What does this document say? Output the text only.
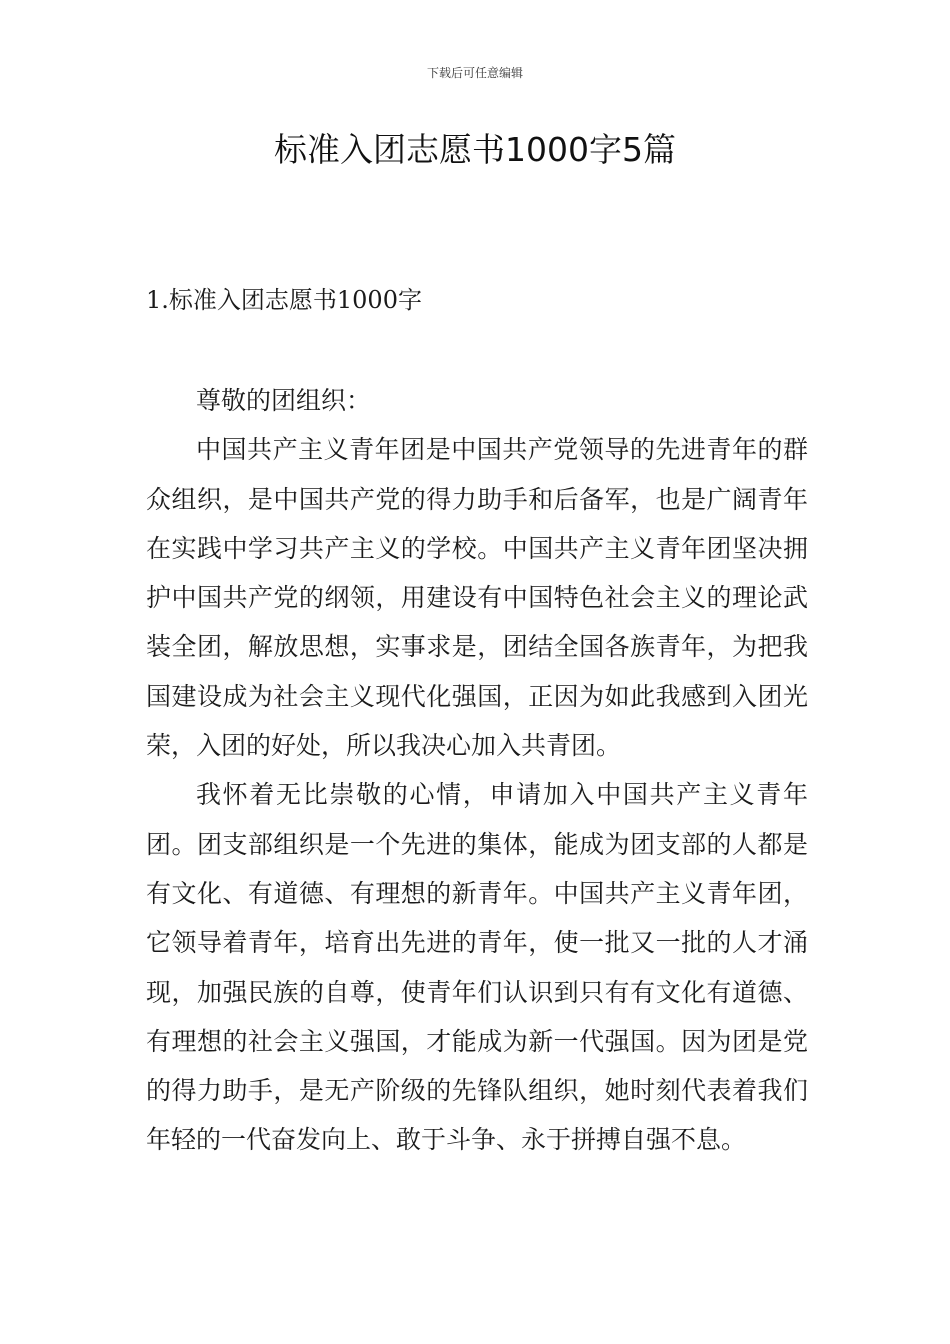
下载后可任意编辑
标准入团志愿书1000字5篇
1.标准入团志愿书1000字

尊敬的团组织：

中国共产主义青年团是中国共产党领导的先进青年的群众组织，是中国共产党的得力助手和后备军，也是广阔青年在实践中学习共产主义的学校。中国共产主义青年团坚决拥护中国共产党的纲领，用建设有中国特色社会主义的理论武装全团，解放思想，实事求是，团结全国各族青年，为把我国建设成为社会主义现代化强国，正因为如此我感到入团光荣，入团的好处，所以我决心加入共青团。

我怀着无比崇敬的心情，申请加入中国共产主义青年团。团支部组织是一个先进的集体，能成为团支部的人都是有文化、有道德、有理想的新青年。中国共产主义青年团，它领导着青年，培育出先进的青年，使一批又一批的人才涌现，加强民族的自尊，使青年们认识到只有有文化有道德、有理想的社会主义强国，才能成为新一代强国。因为团是党的得力助手，是无产阶级的先锋队组织，她时刻代表着我们年轻的一代奋发向上、敢于斗争、永于拼搏自强不息。
